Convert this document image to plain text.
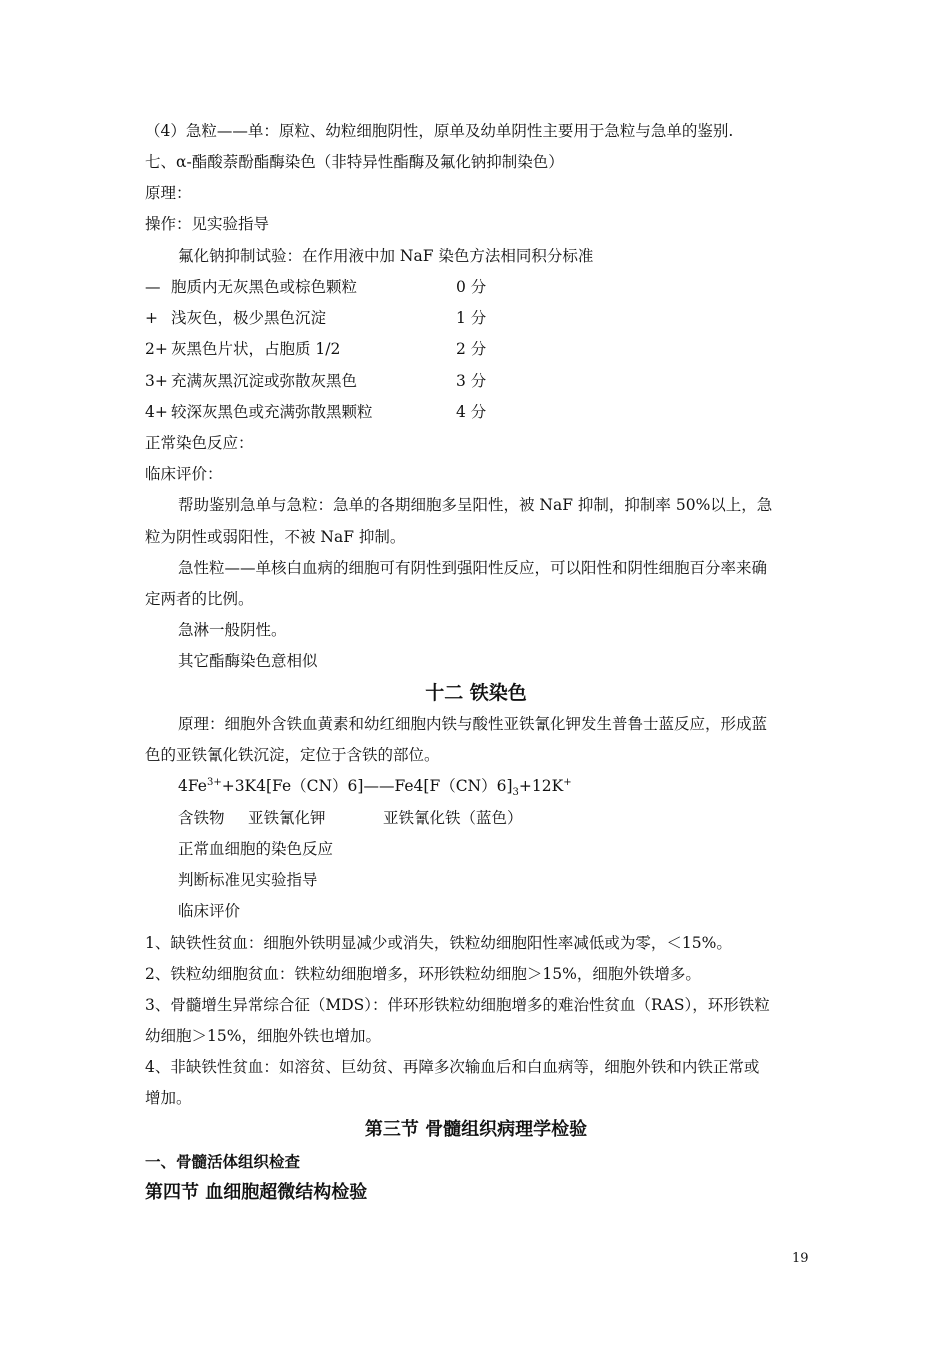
（4）急粒——单：原粒、幼粒细胞阴性，原单及幼单阴性主要用于急粒与急单的鉴别.
七、α-酯酸萘酚酯酶染色（非特异性酯酶及氟化钠抑制染色）
原理：
操作：见实验指导
氟化钠抑制试验：在作用液中加 NaF 染色方法相同积分标准
— 胞质内无灰黑色或棕色颗粒	0 分
+ 浅灰色，极少黑色沉淀	1 分
2+ 灰黑色片状，占胞质 1/2	2 分
3+ 充满灰黑沉淀或弥散灰黑色	3 分
4+ 较深灰黑色或充满弥散黑颗粒	4 分
正常染色反应：
临床评价：
帮助鉴别急单与急粒：急单的各期细胞多呈阳性，被 NaF 抑制，抑制率 50%以上，急
粒为阴性或弱阳性，不被 NaF 抑制。
急性粒——单核白血病的细胞可有阴性到强阳性反应，可以阳性和阴性细胞百分率来确
定两者的比例。
急淋一般阴性。
其它酯酶染色意相似
十二 铁染色
原理：细胞外含铁血黄素和幼红细胞内铁与酸性亚铁氰化钾发生普鲁士蓝反应，形成蓝
色的亚铁氰化铁沉淀，定位于含铁的部位。
$4Fe^{3+}+3K4[Fe(CN)6]——Fe4[F(CN)6]_3+12K^+$
含铁物 亚铁氰化钾	亚铁氰化铁（蓝色）
正常血细胞的染色反应
判断标准见实验指导
临床评价
1、缺铁性贫血：细胞外铁明显减少或消失，铁粒幼细胞阳性率减低或为零，＜15%。
2、铁粒幼细胞贫血：铁粒幼细胞增多，环形铁粒幼细胞＞15%，细胞外铁增多。
3、骨髓增生异常综合征（MDS）：伴环形铁粒幼细胞增多的难治性贫血（RAS），环形铁粒
幼细胞＞15%，细胞外铁也增加。
4、非缺铁性贫血：如溶贫、巨幼贫、再障多次输血后和白血病等，细胞外铁和内铁正常或
增加。
第三节 骨髓组织病理学检验
一、骨髓活体组织检查
第四节 血细胞超微结构检验
19
